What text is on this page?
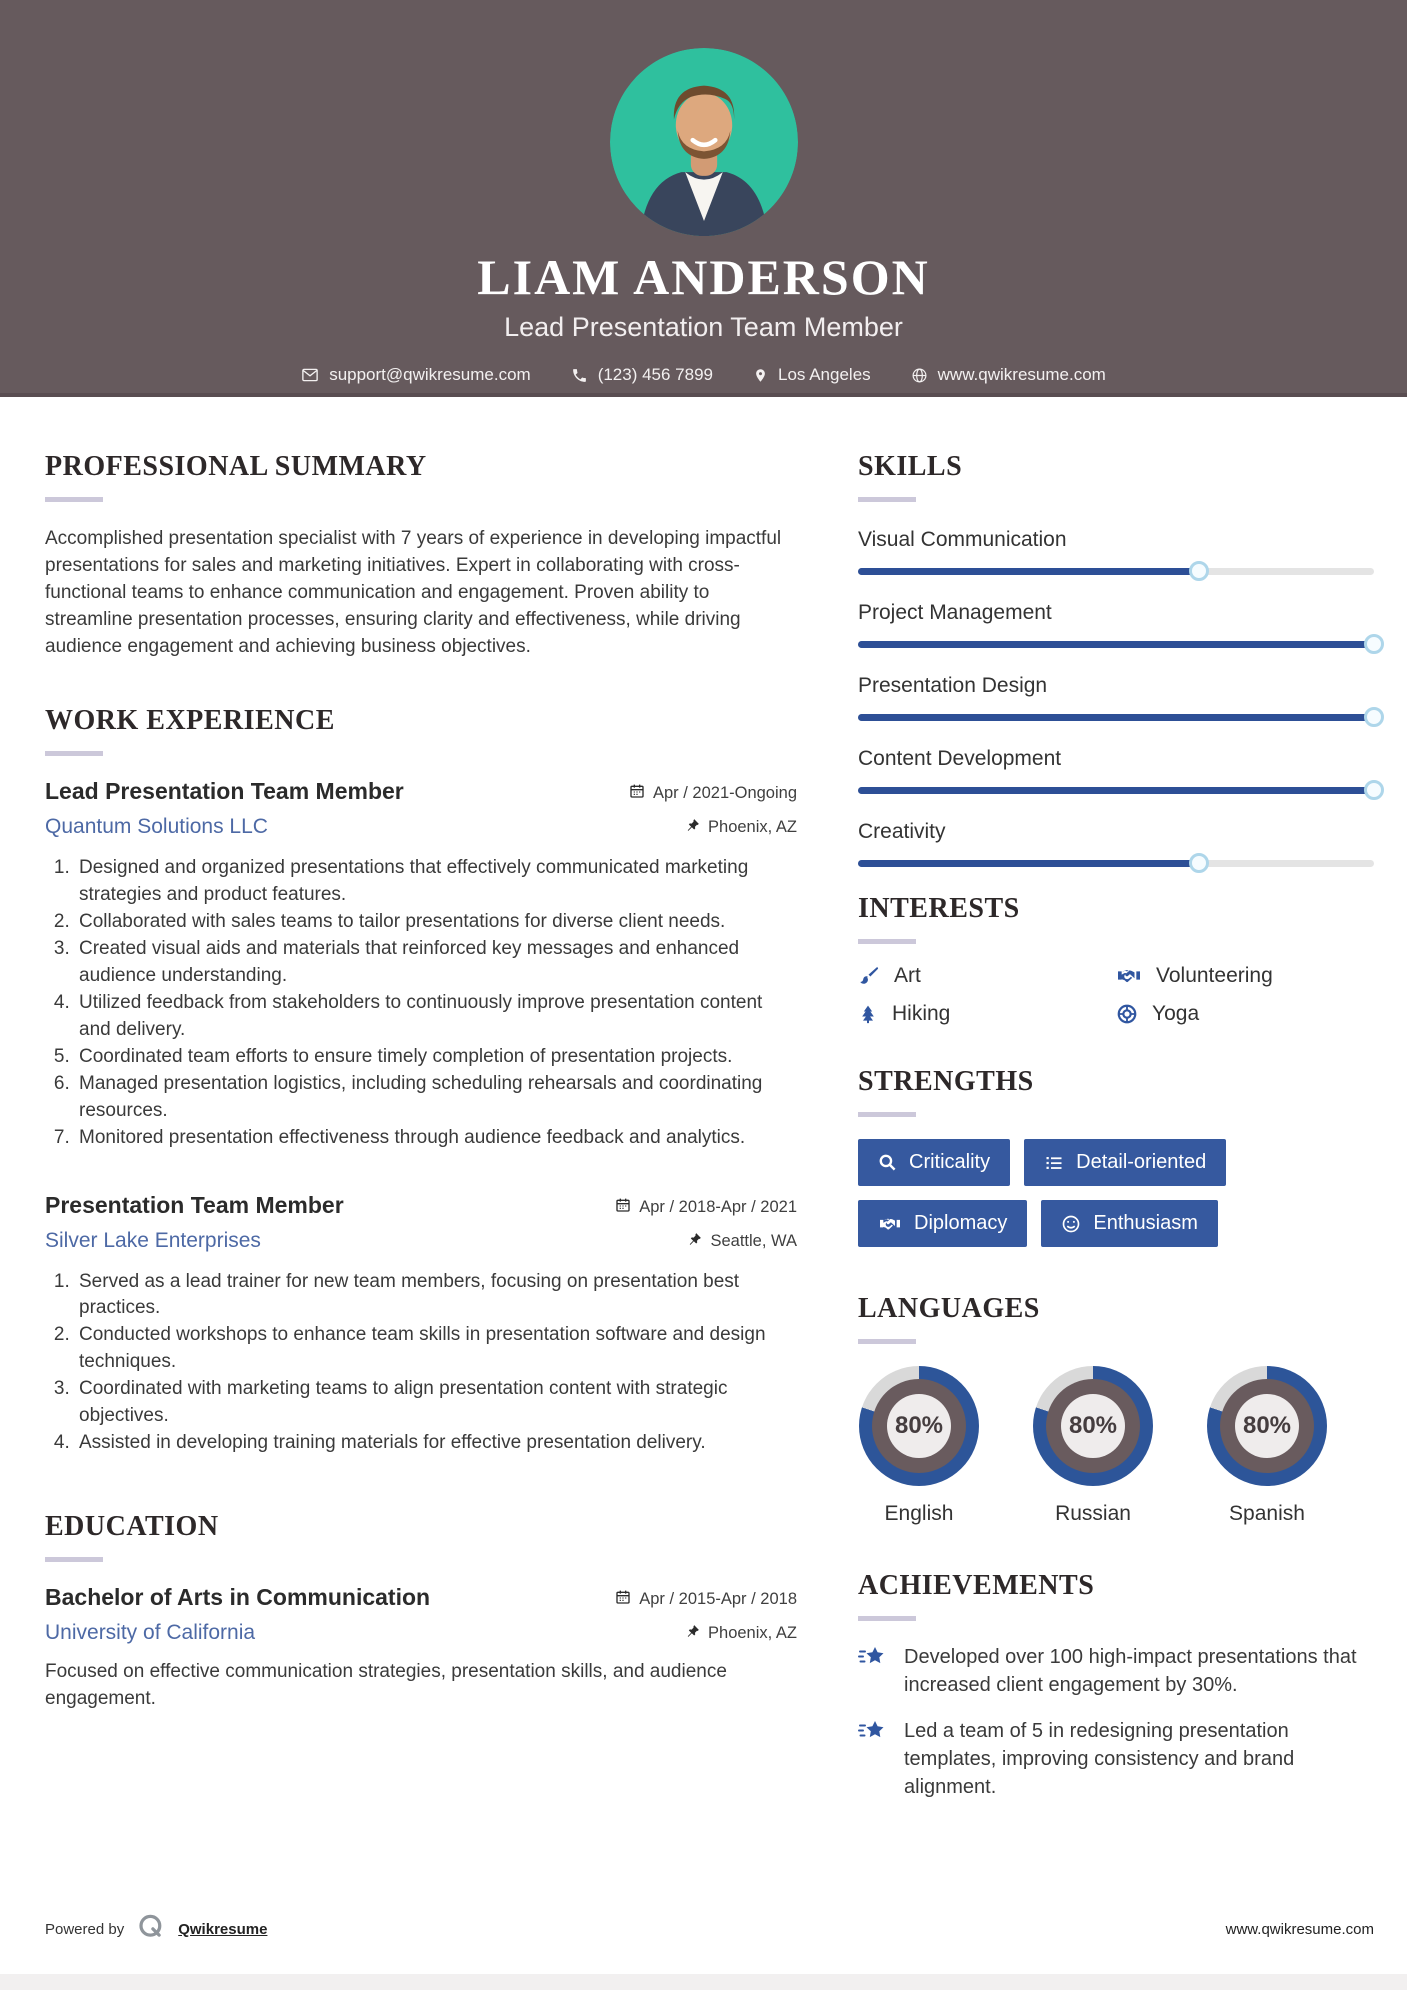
LIAM ANDERSON
Lead Presentation Team Member
support@qwikresume.com	(123) 456 7899	Los Angeles	www.qwikresume.com
PROFESSIONAL SUMMARY

Accomplished presentation specialist with 7 years of experience in developing impactful presentations for sales and marketing initiatives. Expert in collaborating with cross-functional teams to enhance communication and engagement. Proven ability to streamline presentation processes, ensuring clarity and effectiveness, while driving audience engagement and achieving business objectives.

WORK EXPERIENCE
Lead Presentation Team Member	Apr / 2021-Ongoing
Quantum Solutions LLC	Phoenix, AZ
1. Designed and organized presentations that effectively communicated marketing strategies and product features.
2. Collaborated with sales teams to tailor presentations for diverse client needs.
3. Created visual aids and materials that reinforced key messages and enhanced audience understanding.
4. Utilized feedback from stakeholders to continuously improve presentation content and delivery.
5. Coordinated team efforts to ensure timely completion of presentation projects.
6. Managed presentation logistics, including scheduling rehearsals and coordinating resources.
7. Monitored presentation effectiveness through audience feedback and analytics.
Presentation Team Member	Apr / 2018-Apr / 2021
Silver Lake Enterprises	Seattle, WA
1. Served as a lead trainer for new team members, focusing on presentation best practices.
2. Conducted workshops to enhance team skills in presentation software and design techniques.
3. Coordinated with marketing teams to align presentation content with strategic objectives.
4. Assisted in developing training materials for effective presentation delivery.
EDUCATION
Bachelor of Arts in Communication	Apr / 2015-Apr / 2018
University of California	Phoenix, AZ

Focused on effective communication strategies, presentation skills, and audience engagement.

SKILLS
Visual Communication
Project Management
Presentation Design
Content Development
Creativity
INTERESTS
Art	Volunteering
Hiking	Yoga
STRENGTHS
Criticality	Detail-oriented
Diplomacy	Enthusiasm
LANGUAGES
80%
English
80%
Russian
80%
Spanish
ACHIEVEMENTS
Developed over 100 high-impact presentations that increased client engagement by 30%.
Led a team of 5 in redesigning presentation templates, improving consistency and brand alignment.
Powered by	Qwikresume	www.qwikresume.com
